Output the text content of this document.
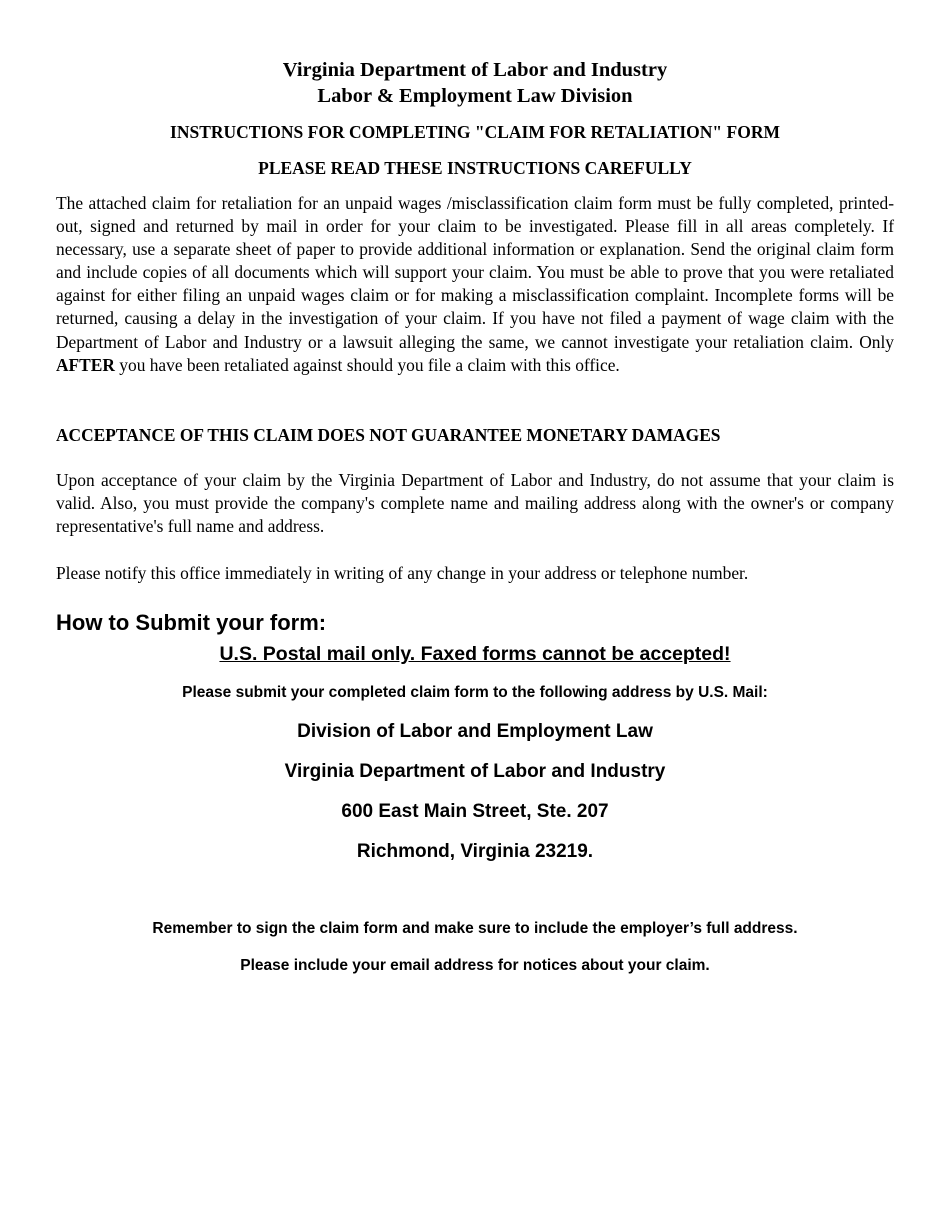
Virginia Department of Labor and Industry

Labor & Employment Law Division

INSTRUCTIONS FOR COMPLETING "CLAIM FOR RETALIATION" FORM

PLEASE READ THESE INSTRUCTIONS CAREFULLY

The attached claim for retaliation for an unpaid wages /misclassification claim form must be fully completed, printed-out, signed and returned by mail in order for your claim to be investigated. Please fill in all areas completely. If necessary, use a separate sheet of paper to provide additional information or explanation. Send the original claim form and include copies of all documents which will support your claim. You must be able to prove that you were retaliated against for either filing an unpaid wages claim or for making a misclassification complaint. Incomplete forms will be returned, causing a delay in the investigation of your claim. If you have not filed a payment of wage claim with the Department of Labor and Industry or a lawsuit alleging the same, we cannot investigate your retaliation claim. Only AFTER you have been retaliated against should you file a claim with this office.

ACCEPTANCE OF THIS CLAIM DOES NOT GUARANTEE MONETARY DAMAGES

Upon acceptance of your claim by the Virginia Department of Labor and Industry, do not assume that your claim is valid. Also, you must provide the company's complete name and mailing address along with the owner's or company representative's full name and address.

Please notify this office immediately in writing of any change in your address or telephone number.

How to Submit your form:

U.S. Postal mail only. Faxed forms cannot be accepted!

Please submit your completed claim form to the following address by U.S. Mail:

Division of Labor and Employment Law

Virginia Department of Labor and Industry

600 East Main Street, Ste. 207

Richmond, Virginia 23219.

Remember to sign the claim form and make sure to include the employer’s full address.

Please include your email address for notices about your claim.
